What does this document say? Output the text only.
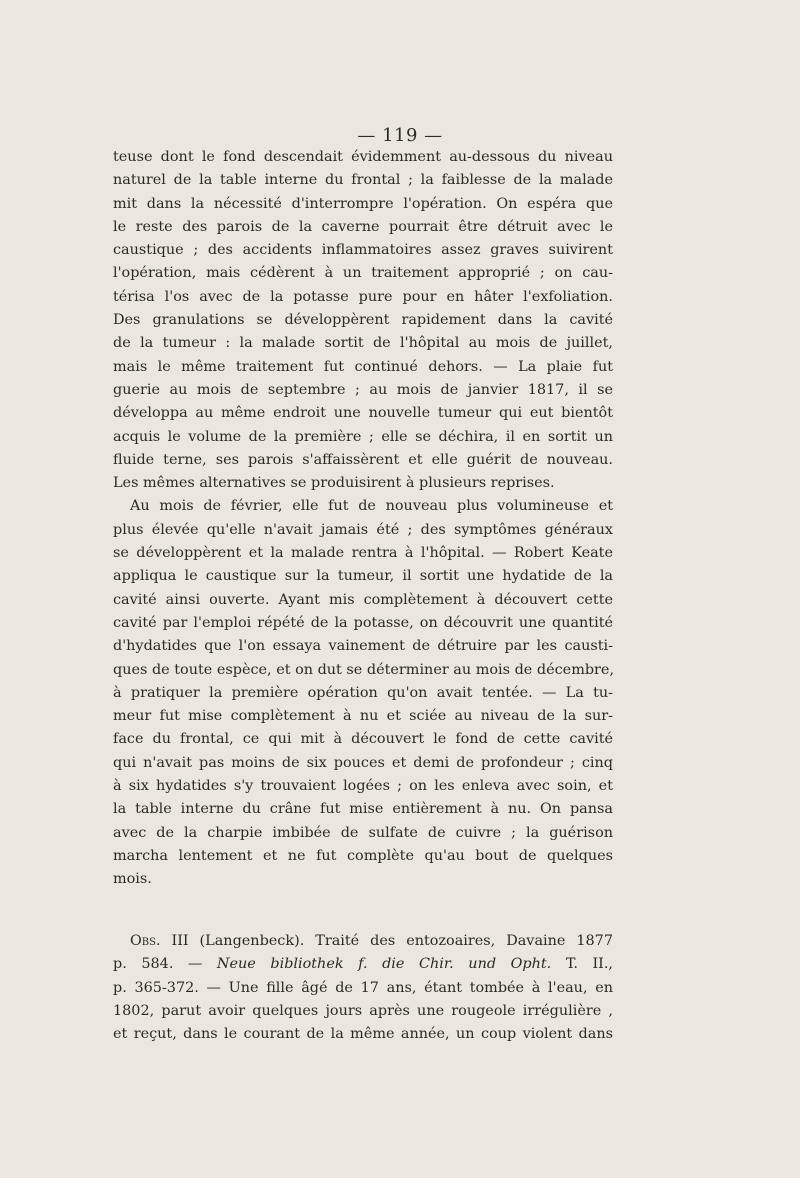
— 119 —
teuse dont le fond descendait évidemment au-dessous du niveau
naturel de la table interne du frontal ; la faiblesse de la malade
mit dans la nécessité d'interrompre l'opération. On espéra que
le reste des parois de la caverne pourrait être détruit avec le
caustique ; des accidents inflammatoires assez graves suivirent
l'opération, mais cédèrent à un traitement approprié ; on cau-
térisa l'os avec de la potasse pure pour en hâter l'exfoliation.
Des granulations se développèrent rapidement dans la cavité
de la tumeur : la malade sortit de l'hôpital au mois de juillet,
mais le même traitement fut continué dehors. — La plaie fut
guerie au mois de septembre ; au mois de janvier 1817, il se
développa au même endroit une nouvelle tumeur qui eut bientôt
acquis le volume de la première ; elle se déchira, il en sortit un
fluide terne, ses parois s'affaissèrent et elle guérit de nouveau.
Les mêmes alternatives se produisirent à plusieurs reprises.
Au mois de février, elle fut de nouveau plus volumineuse et
plus élevée qu'elle n'avait jamais été ; des symptômes généraux
se développèrent et la malade rentra à l'hôpital. — Robert Keate
appliqua le caustique sur la tumeur, il sortit une hydatide de la
cavité ainsi ouverte. Ayant mis complètement à découvert cette
cavité par l'emploi répété de la potasse, on découvrit une quantité
d'hydatides que l'on essaya vainement de détruire par les causti-
ques de toute espèce, et on dut se déterminer au mois de décembre,
à pratiquer la première opération qu'on avait tentée. — La tu-
meur fut mise complètement à nu et sciée au niveau de la sur-
face du frontal, ce qui mit à découvert le fond de cette cavité
qui n'avait pas moins de six pouces et demi de profondeur ; cinq
à six hydatides s'y trouvaient logées ; on les enleva avec soin, et
la table interne du crâne fut mise entièrement à nu. On pansa
avec de la charpie imbibée de sulfate de cuivre ; la guérison
marcha lentement et ne fut complète qu'au bout de quelques
mois.
Obs. III (Langenbeck). Traité des entozoaires, Davaine 1877
p. 584. — Neue bibliothek f. die Chir. und Opht. T. II.,
p. 365-372. — Une fille âgé de 17 ans, étant tombée à l'eau, en
1802, parut avoir quelques jours après une rougeole irrégulière ,
et reçut, dans le courant de la même année, un coup violent dans
